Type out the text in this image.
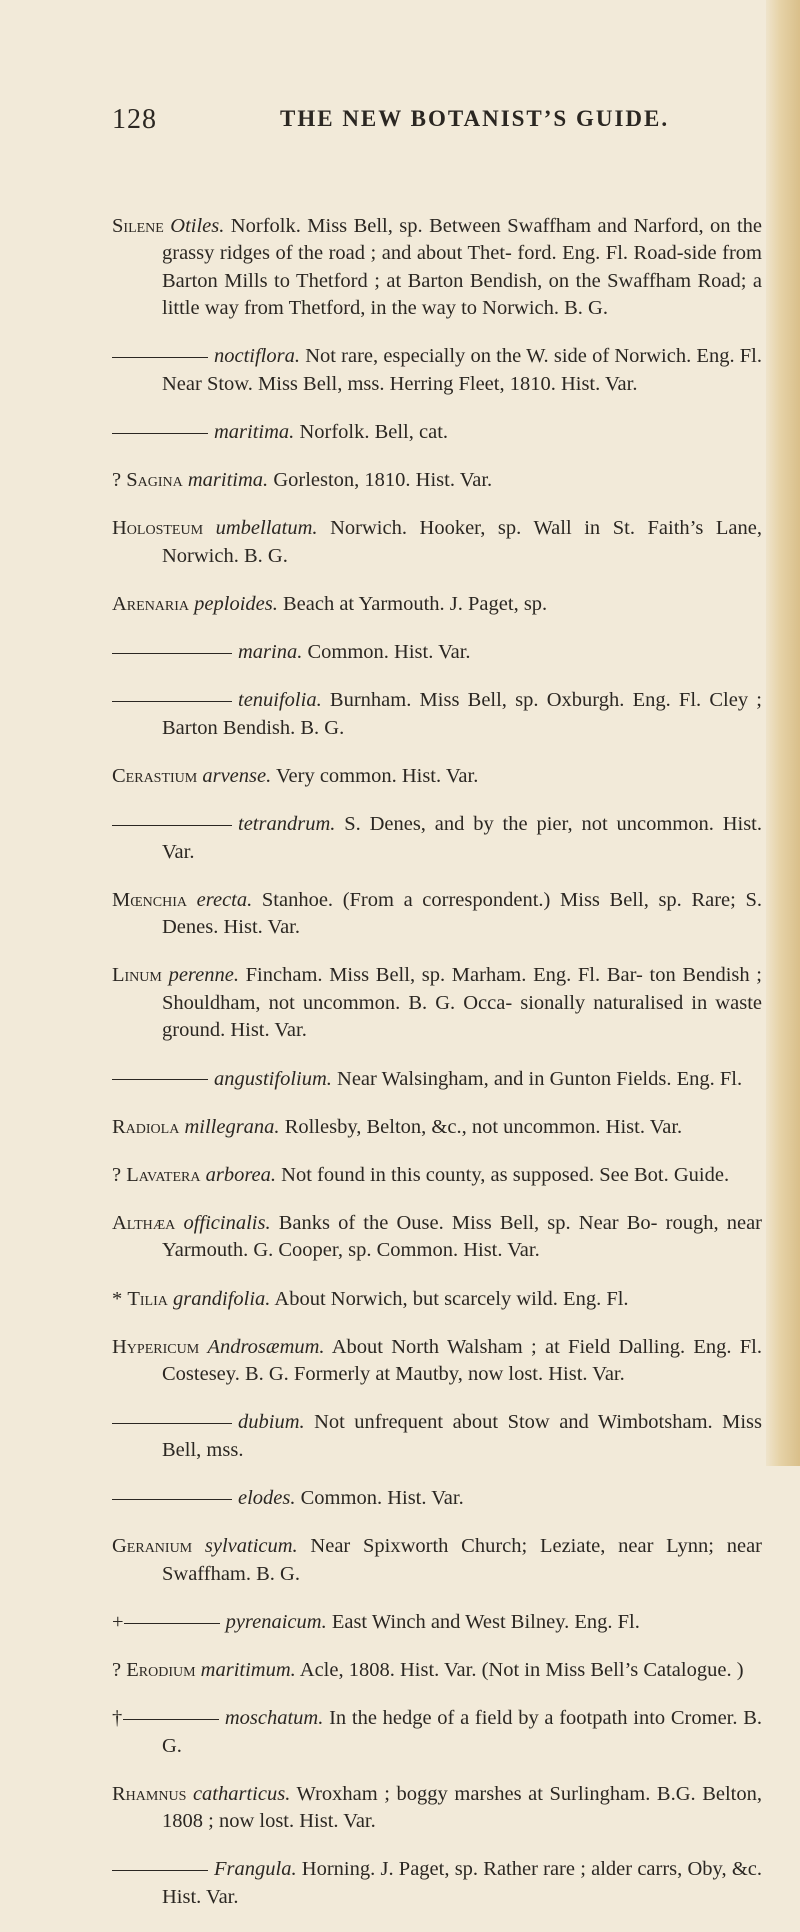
128	THE NEW BOTANIST’S GUIDE.

Silene Otiles. Norfolk. Miss Bell, sp. Between Swaffham and Narford, on the grassy ridges of the road ; and about Thet- ford. Eng. Fl. Road-side from Barton Mills to Thetford ; at Barton Bendish, on the Swaffham Road; a little way from Thetford, in the way to Norwich. B. G.

noctiflora. Not rare, especially on the W. side of Norwich. Eng. Fl. Near Stow. Miss Bell, mss. Herring Fleet, 1810. Hist. Var.

maritima. Norfolk. Bell, cat.

? Sagina maritima. Gorleston, 1810. Hist. Var.

Holosteum umbellatum. Norwich. Hooker, sp. Wall in St. Faith’s Lane, Norwich. B. G.

Arenaria peploides. Beach at Yarmouth. J. Paget, sp.

marina. Common. Hist. Var.

tenuifolia. Burnham. Miss Bell, sp. Oxburgh. Eng. Fl. Cley ; Barton Bendish. B. G.

Cerastium arvense. Very common. Hist. Var.

tetrandrum. S. Denes, and by the pier, not uncommon. Hist. Var.

Mœnchia erecta. Stanhoe. (From a correspondent.) Miss Bell, sp. Rare; S. Denes. Hist. Var.

Linum perenne. Fincham. Miss Bell, sp. Marham. Eng. Fl. Bar- ton Bendish ; Shouldham, not uncommon. B. G. Occa- sionally naturalised in waste ground. Hist. Var.

angustifolium. Near Walsingham, and in Gunton Fields. Eng. Fl.

Radiola millegrana. Rollesby, Belton, &c., not uncommon. Hist. Var.

? Lavatera arborea. Not found in this county, as supposed. See Bot. Guide.

Althæa officinalis. Banks of the Ouse. Miss Bell, sp. Near Bo- rough, near Yarmouth. G. Cooper, sp. Common. Hist. Var.

* Tilia grandifolia. About Norwich, but scarcely wild. Eng. Fl.

Hypericum Androsæmum. About North Walsham ; at Field Dalling. Eng. Fl. Costesey. B. G. Formerly at Mautby, now lost. Hist. Var.

dubium. Not unfrequent about Stow and Wimbotsham. Miss Bell, mss.

elodes. Common. Hist. Var.

Geranium sylvaticum. Near Spixworth Church; Leziate, near Lynn; near Swaffham. B. G.

+	pyrenaicum. East Winch and West Bilney. Eng. Fl.

? Erodium maritimum. Acle, 1808. Hist. Var. (Not in Miss Bell’s Catalogue. )

†	moschatum. In the hedge of a field by a footpath into Cromer. B. G.

Rhamnus catharticus. Wroxham ; boggy marshes at Surlingham. B.G. Belton, 1808 ; now lost. Hist. Var.

Frangula. Horning. J. Paget, sp. Rather rare ; alder carrs, Oby, &c. Hist. Var.
